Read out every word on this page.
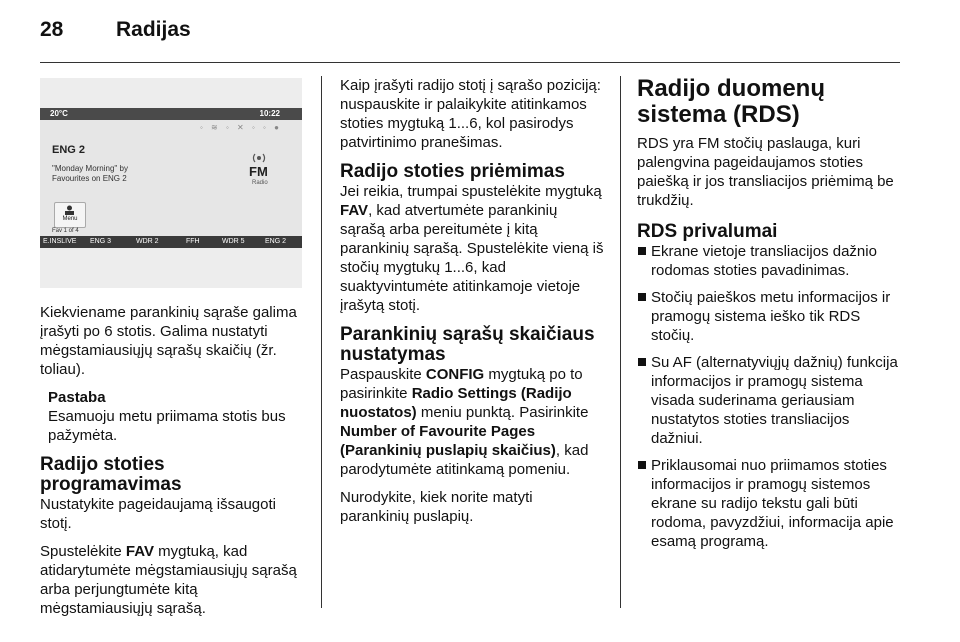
28	Radijas
20°C	10:22
◦ ≋ ◦ ✕ ◦ ◦ ●
ENG 2
"Monday Morning" by
Favourites on ENG 2	FM
Radio
Menu
Fav 1 of 4
E.INSLIVE ENG 3	WDR 2	FFH	WDR 5	ENG 2

Kiekviename parankinių sąraše galima įrašyti po 6 stotis. Galima nustatyti mėgstamiausiųjų sąrašų skaičių (žr. toliau).

Pastaba

Esamuoju metu priimama stotis bus pažymėta.

Radijo stoties programavimas

Nustatykite pageidaujamą išsaugoti stotį.

Spustelėkite FAV mygtuką, kad atidarytumėte mėgstamiausiųjų sąrašą arba perjungtumėte kitą mėgstamiausiųjų sąrašą.

Kaip įrašyti radijo stotį į sąrašo poziciją: nuspauskite ir palaikykite atitinkamos stoties mygtuką 1...6, kol pasirodys patvirtinimo pranešimas.

Radijo stoties priėmimas

Jei reikia, trumpai spustelėkite mygtuką FAV, kad atvertumėte parankinių sąrašą arba pereitumėte į kitą parankinių sąrašą. Spustelėkite vieną iš stočių mygtukų 1...6, kad suaktyvintumėte atitinkamoje vietoje įrašytą stotį.

Parankinių sąrašų skaičiaus nustatymas

Paspauskite CONFIG mygtuką po to pasirinkite Radio Settings (Radijo nuostatos) meniu punktą. Pasirinkite Number of Favourite Pages (Parankinių puslapių skaičius), kad parodytumėte atitinkamą pomeniu.

Nurodykite, kiek norite matyti parankinių puslapių.

Radijo duomenų sistema (RDS)

RDS yra FM stočių paslauga, kuri palengvina pageidaujamos stoties paiešką ir jos transliacijos priėmimą be trukdžių.

RDS privalumai
Ekrane vietoje transliacijos dažnio rodomas stoties pavadinimas.
Stočių paieškos metu informacijos ir pramogų sistema ieško tik RDS stočių.
Su AF (alternatyviųjų dažnių) funkcija informacijos ir pramogų sistema visada suderinama geriausiam nustatytos stoties transliacijos dažniui.
Priklausomai nuo priimamos stoties informacijos ir pramogų sistemos ekrane su radijo tekstu gali būti rodoma, pavyzdžiui, informacija apie esamą programą.
